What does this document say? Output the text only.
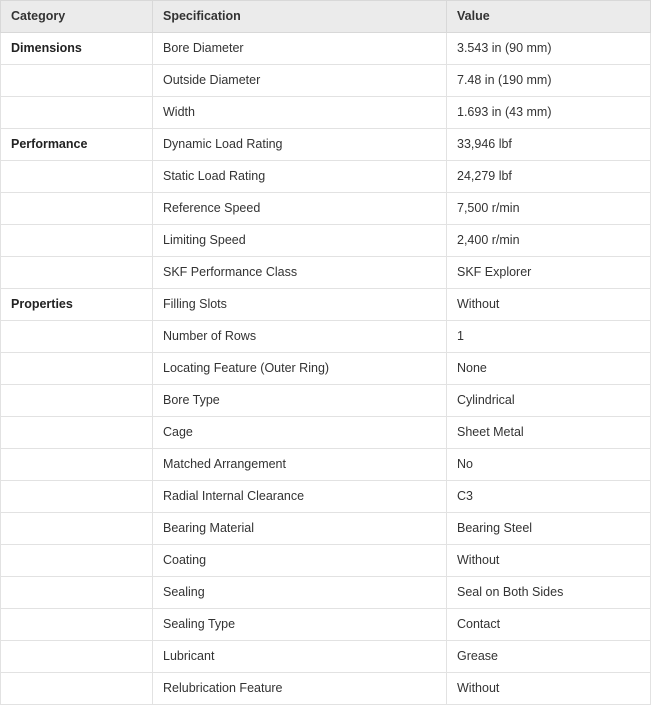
Category	Specification	Value
Dimensions	Bore Diameter	3.543 in (90 mm)
	Outside Diameter	7.48 in (190 mm)
	Width	1.693 in (43 mm)
Performance	Dynamic Load Rating	33,946 lbf
	Static Load Rating	24,279 lbf
	Reference Speed	7,500 r/min
	Limiting Speed	2,400 r/min
	SKF Performance Class	SKF Explorer
Properties	Filling Slots	Without
	Number of Rows	1
	Locating Feature (Outer Ring)	None
	Bore Type	Cylindrical
	Cage	Sheet Metal
	Matched Arrangement	No
	Radial Internal Clearance	C3
	Bearing Material	Bearing Steel
	Coating	Without
	Sealing	Seal on Both Sides
	Sealing Type	Contact
	Lubricant	Grease
	Relubrication Feature	Without
